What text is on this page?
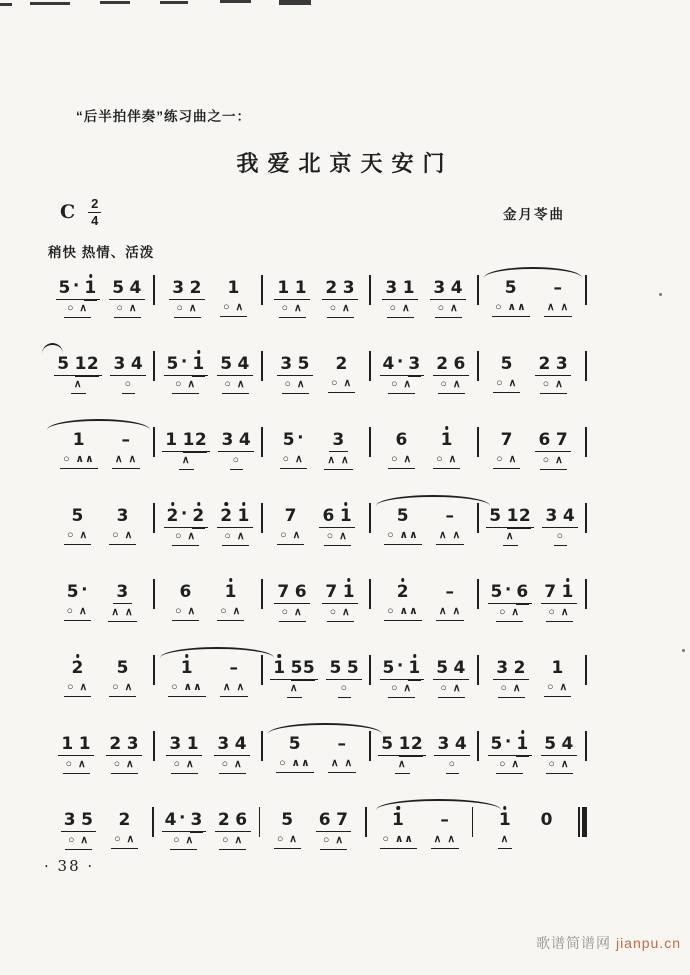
“后半拍伴奏”练习曲之一：
我爱北京天安门
C $\frac{2}{4}$	金月苓曲
稍快 热情、活泼
5 · 1
○ ∧
5 4
○ ∧
3 2
○ ∧
1
○ ∧
1 1
○ ∧
2 3
○ ∧
3 1
○ ∧
3 4
○ ∧
5
○ ∧∧
–
∧ ∧
5 12
∧
3 4
○
5 · 1
○ ∧
5 4
○ ∧
3 5
○ ∧
2
○ ∧
4 · 3
○ ∧
2 6
○ ∧
5
○ ∧
2 3
○ ∧
1
○ ∧∧
–
∧ ∧
1 12
∧
3 4
○
5 ·
○ ∧
3
∧ ∧
6
○ ∧
1
○ ∧
7
○ ∧
6 7
○ ∧
5
○ ∧
3
○ ∧
2 · 2
○ ∧
2 1
○ ∧
7
○ ∧
6 1
○ ∧
5
○ ∧∧
–
∧ ∧
5 12
∧
3 4
○
5 ·
○ ∧
3
∧ ∧
6
○ ∧
1
○ ∧
7 6
○ ∧
7 1
○ ∧
2
○ ∧∧
–
∧ ∧
5 · 6
○ ∧
7 1
○ ∧
2
○ ∧
5
○ ∧
1
○ ∧∧
–
∧ ∧
1 55
∧
5 5
○
5 · 1
○ ∧
5 4
○ ∧
3 2
○ ∧
1
○ ∧
1 1
○ ∧
2 3
○ ∧
3 1
○ ∧
3 4
○ ∧
5
○ ∧∧
–
∧ ∧
5 12
∧
3 4
○
5 · 1
○ ∧
5 4
○ ∧
3 5
○ ∧
2
○ ∧
4 · 3
○ ∧
2 6
○ ∧
5
○ ∧
6 7
○ ∧
1
○ ∧∧
–
∧ ∧
1
∧
0
· 38 ·
歌谱简谱网 jianpu.cn
